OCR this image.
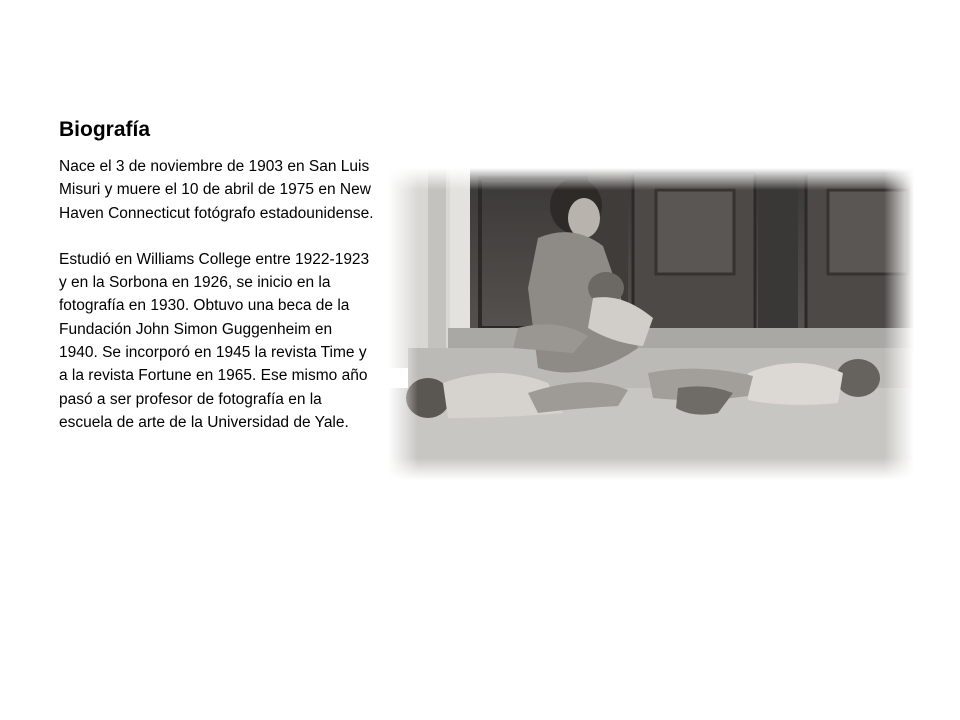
Biografía

Nace el 3 de noviembre de 1903 en San Luis Misuri y muere el 10 de abril de 1975 en New Haven Connecticut fotógrafo estadounidense.

Estudió en Williams College entre 1922-1923 y en la Sorbona en 1926, se inicio en la fotografía en 1930. Obtuvo una beca de la Fundación John Simon Guggenheim en 1940. Se incorporó en 1945 la revista Time y a la revista Fortune en 1965. Ese mismo año pasó a ser profesor de fotografía en la escuela de arte de la Universidad de Yale.
